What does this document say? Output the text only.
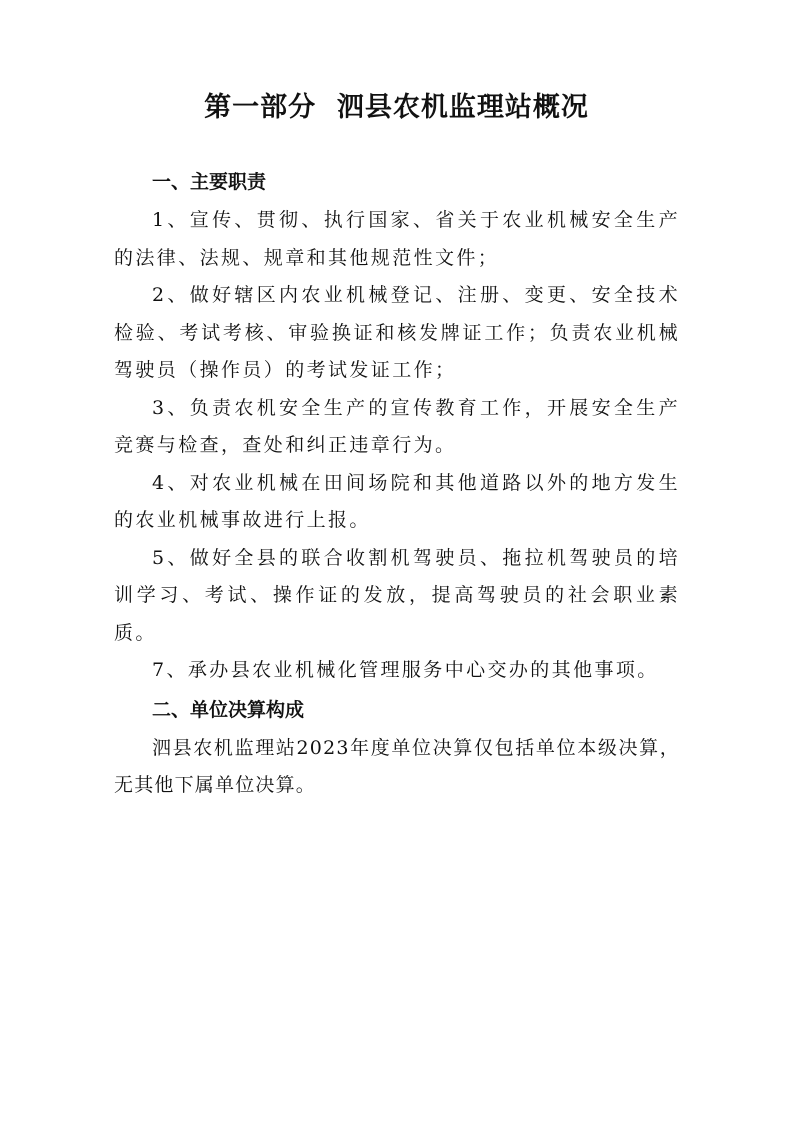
第一部分  泗县农机监理站概况
一、主要职责

1、宣传、贯彻、执行国家、省关于农业机械安全生产的法律、法规、规章和其他规范性文件；

2、做好辖区内农业机械登记、注册、变更、安全技术检验、考试考核、审验换证和核发牌证工作；负责农业机械驾驶员（操作员）的考试发证工作；

3、负责农机安全生产的宣传教育工作，开展安全生产竞赛与检查，查处和纠正违章行为。

4、对农业机械在田间场院和其他道路以外的地方发生的农业机械事故进行上报。

5、做好全县的联合收割机驾驶员、拖拉机驾驶员的培训学习、考试、操作证的发放，提高驾驶员的社会职业素质。

7、承办县农业机械化管理服务中心交办的其他事项。

二、单位决算构成

泗县农机监理站2023年度单位决算仅包括单位本级决算，无其他下属单位决算。
